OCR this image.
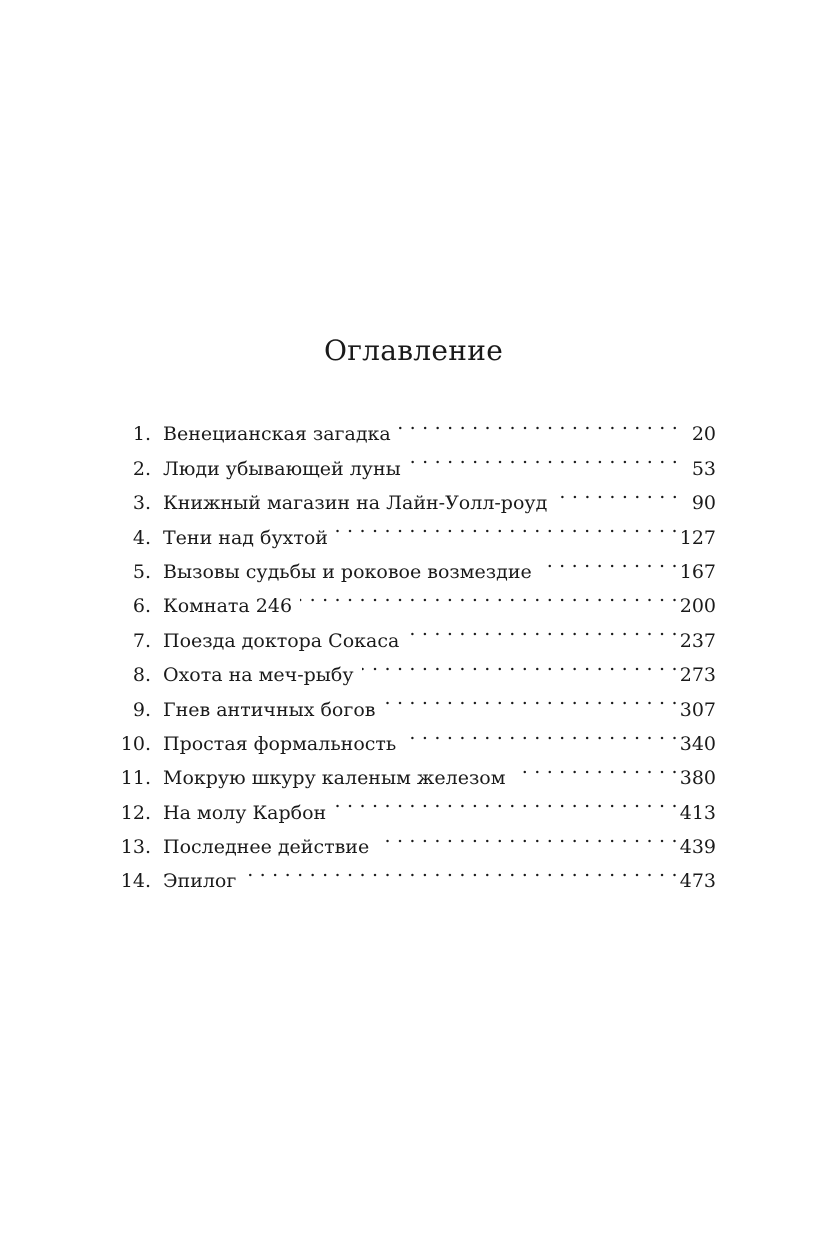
Оглавление
1. Венецианская загадка . . .	20
2. Люди убывающей луны . . .	53
3. Книжный магазин на Лайн-Уолл-роуд . . .	90
4. Тени над бухтой . . .	127
5. Вызовы судьбы и роковое возмездие . . .	167
6. Комната 246 . . .	200
7. Поезда доктора Сокаса . . .	237
8. Охота на меч-рыбу . . .	273
9. Гнев античных богов . . .	307
10. Простая формальность . . .	340
11. Мокрую шкуру каленым железом . . .	380
12. На молу Карбон . . .	413
13. Последнее действие . . .	439
14. Эпилог . . .	473
